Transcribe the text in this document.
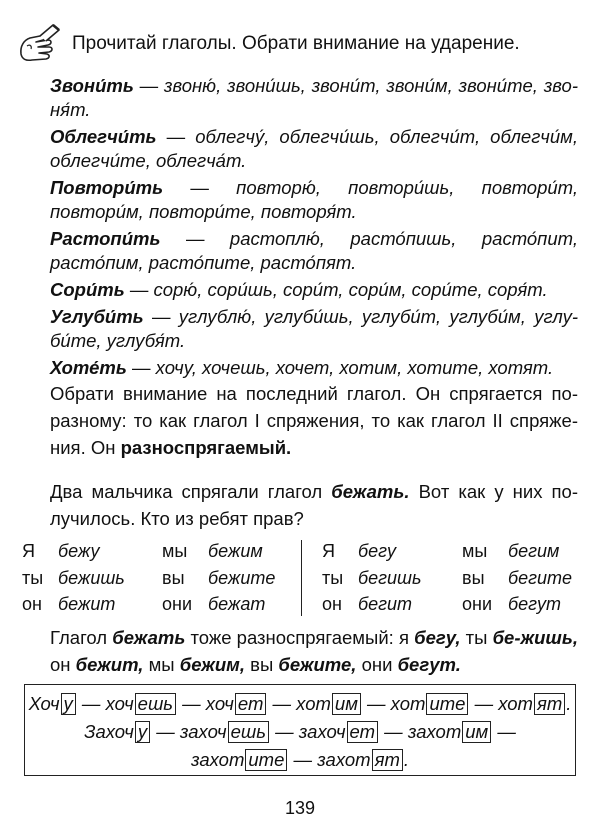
Прочитай глаголы. Обрати внимание на ударение.

Звони́ть — звоню́, звони́шь, звони́т, звони́м, звони́те, зво-ня́т.

Облегчи́ть — облегчу́, облегчи́шь, облегчи́т, облегчи́м, облегчи́те, облегча́т.

Повтори́ть — повторю́, повтори́шь, повтори́т, повтори́м, повтори́те, повторя́т.

Растопи́ть — растоплю́, расто́пишь, расто́пит, расто́пим, расто́пите, расто́пят.

Сори́ть — сорю́, сори́шь, сори́т, сори́м, сори́те, соря́т.

Углуби́ть — углублю́, углуби́шь, углуби́т, углуби́м, углу-би́те, углубя́т.

Хоте́ть — хочу, хочешь, хочет, хотим, хотите, хотят.

Обрати внимание на последний глагол. Он спрягается по-разному: то как глагол I спряжения, то как глагол II спряже-ния. Он разноспрягаемый.

Два мальчика спрягали глагол бежать. Вот как у них по-лучилось. Кто из ребят прав?

Я	бежу	мы	бежим
ты бежишь	вы	бежите
он бежит	они бежат
Я	бегу	мы	бегим
ты бегишь	вы	бегите
он бегит	они бегут

Глагол бежать тоже разноспрягаемый: я бегу, ты бе-жишь, он бежит, мы бежим, вы бежите, они бегут.

Хоч у — хоч ешь — хоч ет — хот им — хот ите — хот ят .
Захоч у — захоч ешь — захоч ет — захот им —
захот ите — захот ят .
139
